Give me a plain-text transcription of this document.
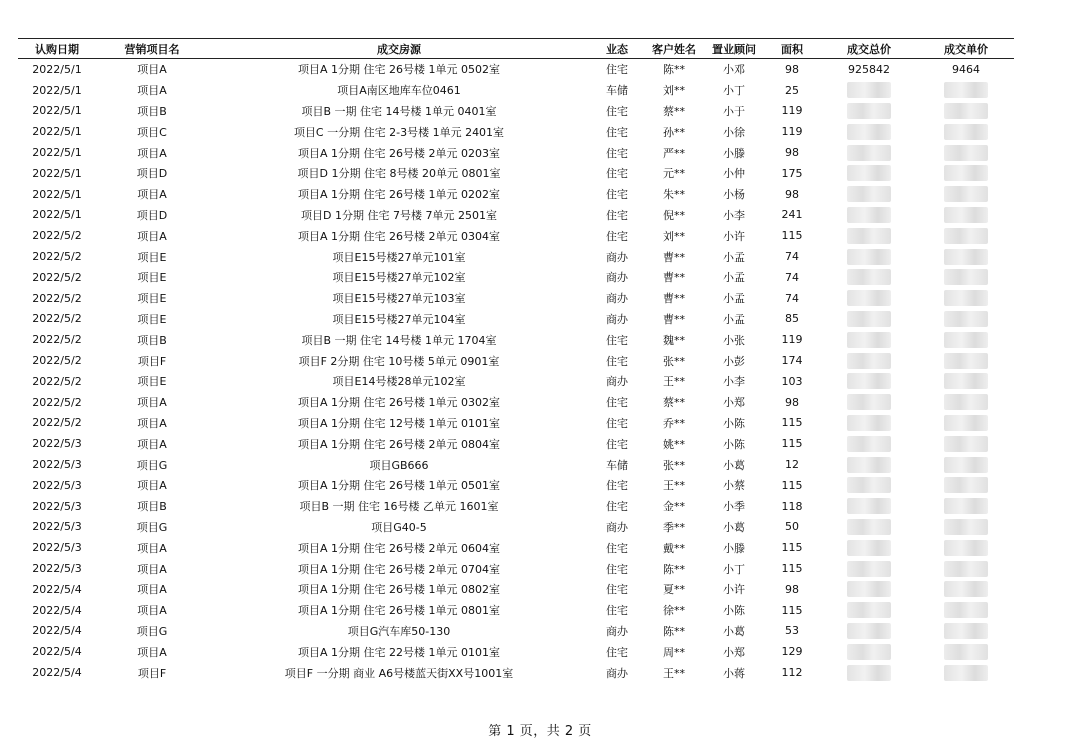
认购日期	营销项目名	成交房源	业态	客户姓名	置业顾问	面积	成交总价	成交单价
2022/5/1	项目A	项目A 1分期 住宅 26号楼 1单元 0502室	住宅	陈**	小邓	98	925842	9464
2022/5/1	项目A	项目A南区地库车位0461	车储	刘**	小丁	25		
2022/5/1	项目B	项目B 一期 住宅 14号楼 1单元 0401室	住宅	蔡**	小于	119		
2022/5/1	项目C	项目C 一分期 住宅 2-3号楼 1单元 2401室	住宅	孙**	小徐	119		
2022/5/1	项目A	项目A 1分期 住宅 26号楼 2单元 0203室	住宅	严**	小滕	98		
2022/5/1	项目D	项目D 1分期 住宅 8号楼 20单元 0801室	住宅	元**	小仲	175		
2022/5/1	项目A	项目A 1分期 住宅 26号楼 1单元 0202室	住宅	朱**	小杨	98		
2022/5/1	项目D	项目D 1分期 住宅 7号楼 7单元 2501室	住宅	倪**	小李	241		
2022/5/2	项目A	项目A 1分期 住宅 26号楼 2单元 0304室	住宅	刘**	小许	115		
2022/5/2	项目E	项目E15号楼27单元101室	商办	曹**	小孟	74		
2022/5/2	项目E	项目E15号楼27单元102室	商办	曹**	小孟	74		
2022/5/2	项目E	项目E15号楼27单元103室	商办	曹**	小孟	74		
2022/5/2	项目E	项目E15号楼27单元104室	商办	曹**	小孟	85		
2022/5/2	项目B	项目B 一期 住宅 14号楼 1单元 1704室	住宅	魏**	小张	119		
2022/5/2	项目F	项目F 2分期 住宅 10号楼 5单元 0901室	住宅	张**	小彭	174		
2022/5/2	项目E	项目E14号楼28单元102室	商办	王**	小李	103		
2022/5/2	项目A	项目A 1分期 住宅 26号楼 1单元 0302室	住宅	蔡**	小郑	98		
2022/5/2	项目A	项目A 1分期 住宅 12号楼 1单元 0101室	住宅	乔**	小陈	115		
2022/5/3	项目A	项目A 1分期 住宅 26号楼 2单元 0804室	住宅	姚**	小陈	115		
2022/5/3	项目G	项目GB666	车储	张**	小葛	12		
2022/5/3	项目A	项目A 1分期 住宅 26号楼 1单元 0501室	住宅	王**	小蔡	115		
2022/5/3	项目B	项目B 一期 住宅 16号楼 乙单元 1601室	住宅	金**	小季	118		
2022/5/3	项目G	项目G40-5	商办	季**	小葛	50		
2022/5/3	项目A	项目A 1分期 住宅 26号楼 2单元 0604室	住宅	戴**	小滕	115		
2022/5/3	项目A	项目A 1分期 住宅 26号楼 2单元 0704室	住宅	陈**	小丁	115		
2022/5/4	项目A	项目A 1分期 住宅 26号楼 1单元 0802室	住宅	夏**	小许	98		
2022/5/4	项目A	项目A 1分期 住宅 26号楼 1单元 0801室	住宅	徐**	小陈	115		
2022/5/4	项目G	项目G汽车库50-130	商办	陈**	小葛	53		
2022/5/4	项目A	项目A 1分期 住宅 22号楼 1单元 0101室	住宅	周**	小郑	129		
2022/5/4	项目F	项目F 一分期 商业 A6号楼蓝天街XX号1001室	商办	王**	小蒋	112		
第 1 页，共 2 页
